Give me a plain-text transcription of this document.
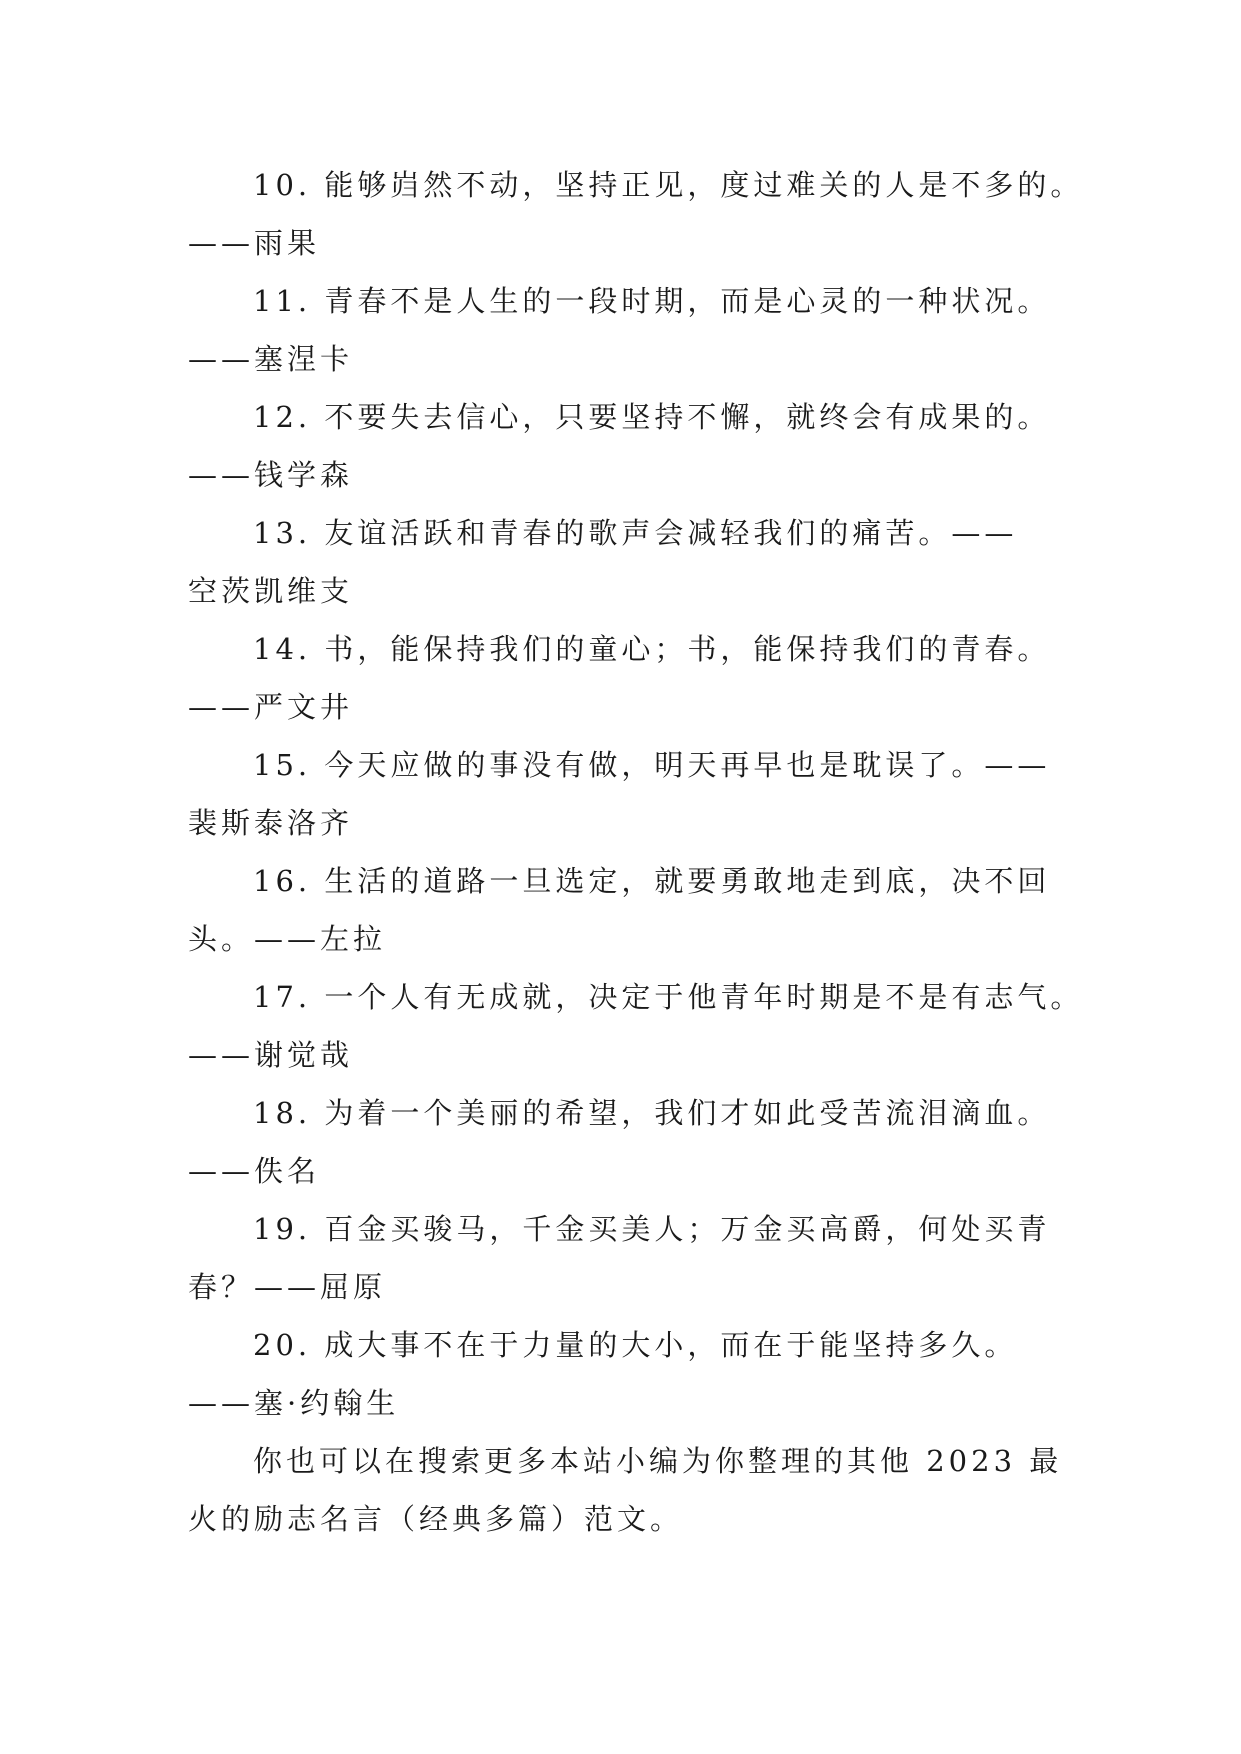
10. 能够岿然不动，坚持正见，度过难关的人是不多的。
——雨果
11. 青春不是人生的一段时期，而是心灵的一种状况。
——塞涅卡
12. 不要失去信心，只要坚持不懈，就终会有成果的。
——钱学森
13. 友谊活跃和青春的歌声会减轻我们的痛苦。——
空茨凯维支
14. 书，能保持我们的童心；书，能保持我们的青春。
——严文井
15. 今天应做的事没有做，明天再早也是耽误了。——
裴斯泰洛齐
16. 生活的道路一旦选定，就要勇敢地走到底，决不回
头。——左拉
17. 一个人有无成就，决定于他青年时期是不是有志气。
——谢觉哉
18. 为着一个美丽的希望，我们才如此受苦流泪滴血。
——佚名
19. 百金买骏马，千金买美人；万金买高爵，何处买青
春？——屈原
20. 成大事不在于力量的大小，而在于能坚持多久。
——塞·约翰生
你也可以在搜索更多本站小编为你整理的其他 2023 最
火的励志名言（经典多篇）范文。
